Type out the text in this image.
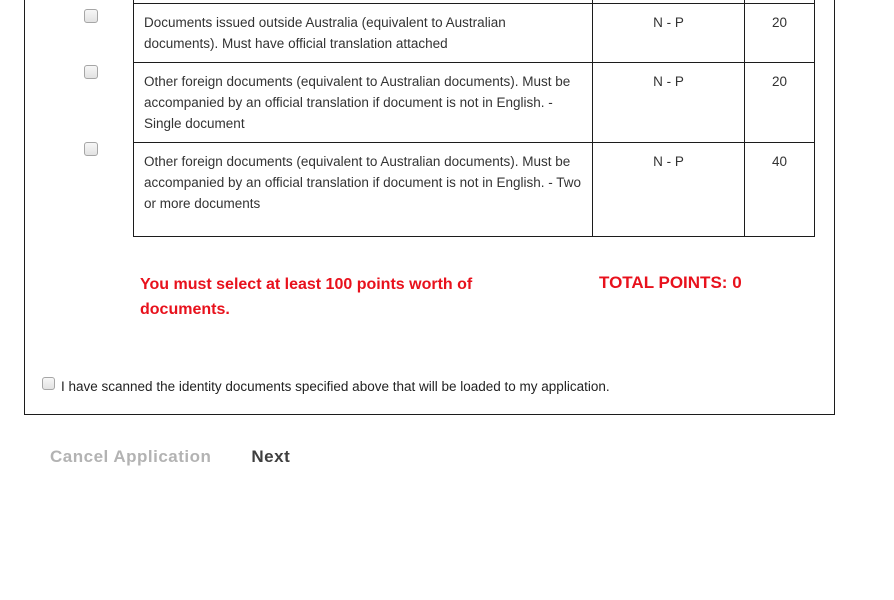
Documents issued outside Australia (equivalent to Australian documents). Must have official translation attached	N - P	20
Other foreign documents (equivalent to Australian documents). Must be accompanied by an official translation if document is not in English. - Single document	N - P	20
Other foreign documents (equivalent to Australian documents). Must be accompanied by an official translation if document is not in English. - Two or more documents	N - P	40
You must select at least 100 points worth of documents.
TOTAL POINTS: 0
I have scanned the identity documents specified above that will be loaded to my application.
Cancel Application Next
